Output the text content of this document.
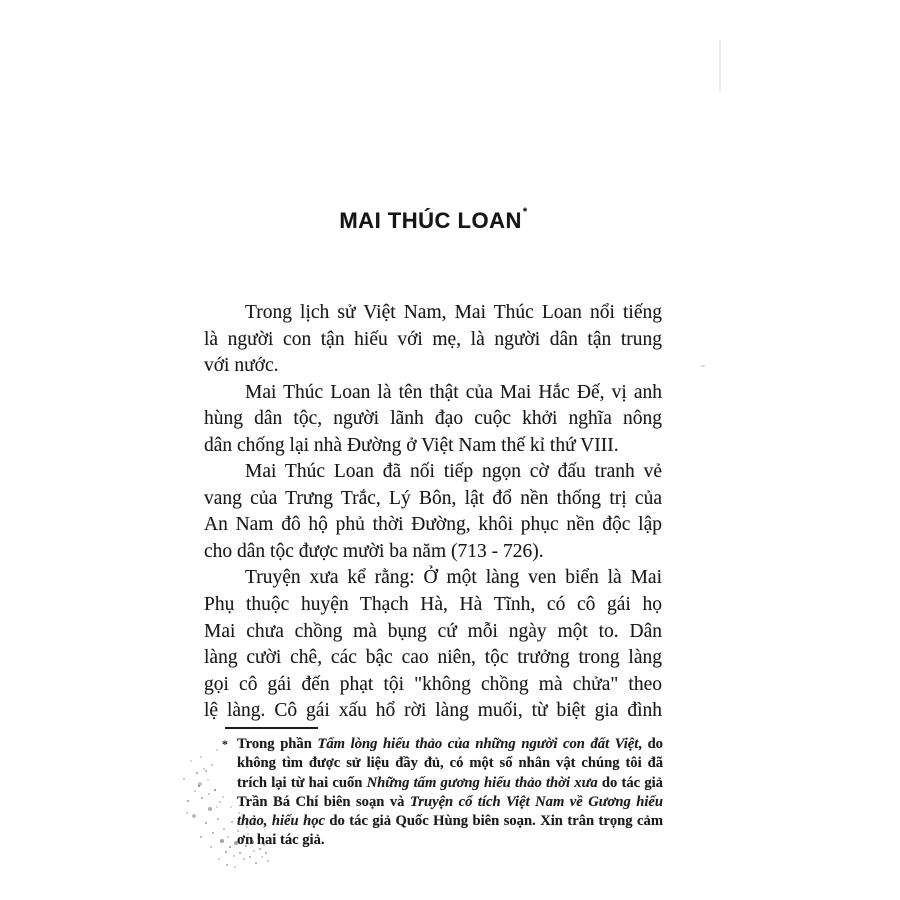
MAI THÚC LOAN*
Trong lịch sử Việt Nam, Mai Thúc Loan nổi tiếng
là người con tận hiếu với mẹ, là người dân tận trung
với nước.
Mai Thúc Loan là tên thật của Mai Hắc Đế, vị anh
hùng dân tộc, người lãnh đạo cuộc khởi nghĩa nông
dân chống lại nhà Đường ở Việt Nam thế kỉ thứ VIII.
Mai Thúc Loan đã nối tiếp ngọn cờ đấu tranh vẻ
vang của Trưng Trắc, Lý Bôn, lật đổ nền thống trị của
An Nam đô hộ phủ thời Đường, khôi phục nền độc lập
cho dân tộc được mười ba năm (713 - 726).
Truyện xưa kể rằng: Ở một làng ven biển là Mai
Phụ thuộc huyện Thạch Hà, Hà Tĩnh, có cô gái họ
Mai chưa chồng mà bụng cứ mỗi ngày một to. Dân
làng cười chê, các bậc cao niên, tộc trưởng trong làng
gọi cô gái đến phạt tội "không chồng mà chửa" theo
lệ làng. Cô gái xấu hổ rời làng muối, từ biệt gia đình
* Trong phần Tấm lòng hiếu thảo của những người con đất Việt, do
không tìm được sử liệu đầy đủ, có một số nhân vật chúng tôi đã
trích lại từ hai cuốn Những tấm gương hiếu thảo thời xưa do tác giả
Trần Bá Chí biên soạn và Truyện cổ tích Việt Nam về Gương hiếu
thảo, hiếu học do tác giả Quốc Hùng biên soạn. Xin trân trọng cảm
ơn hai tác giả.
